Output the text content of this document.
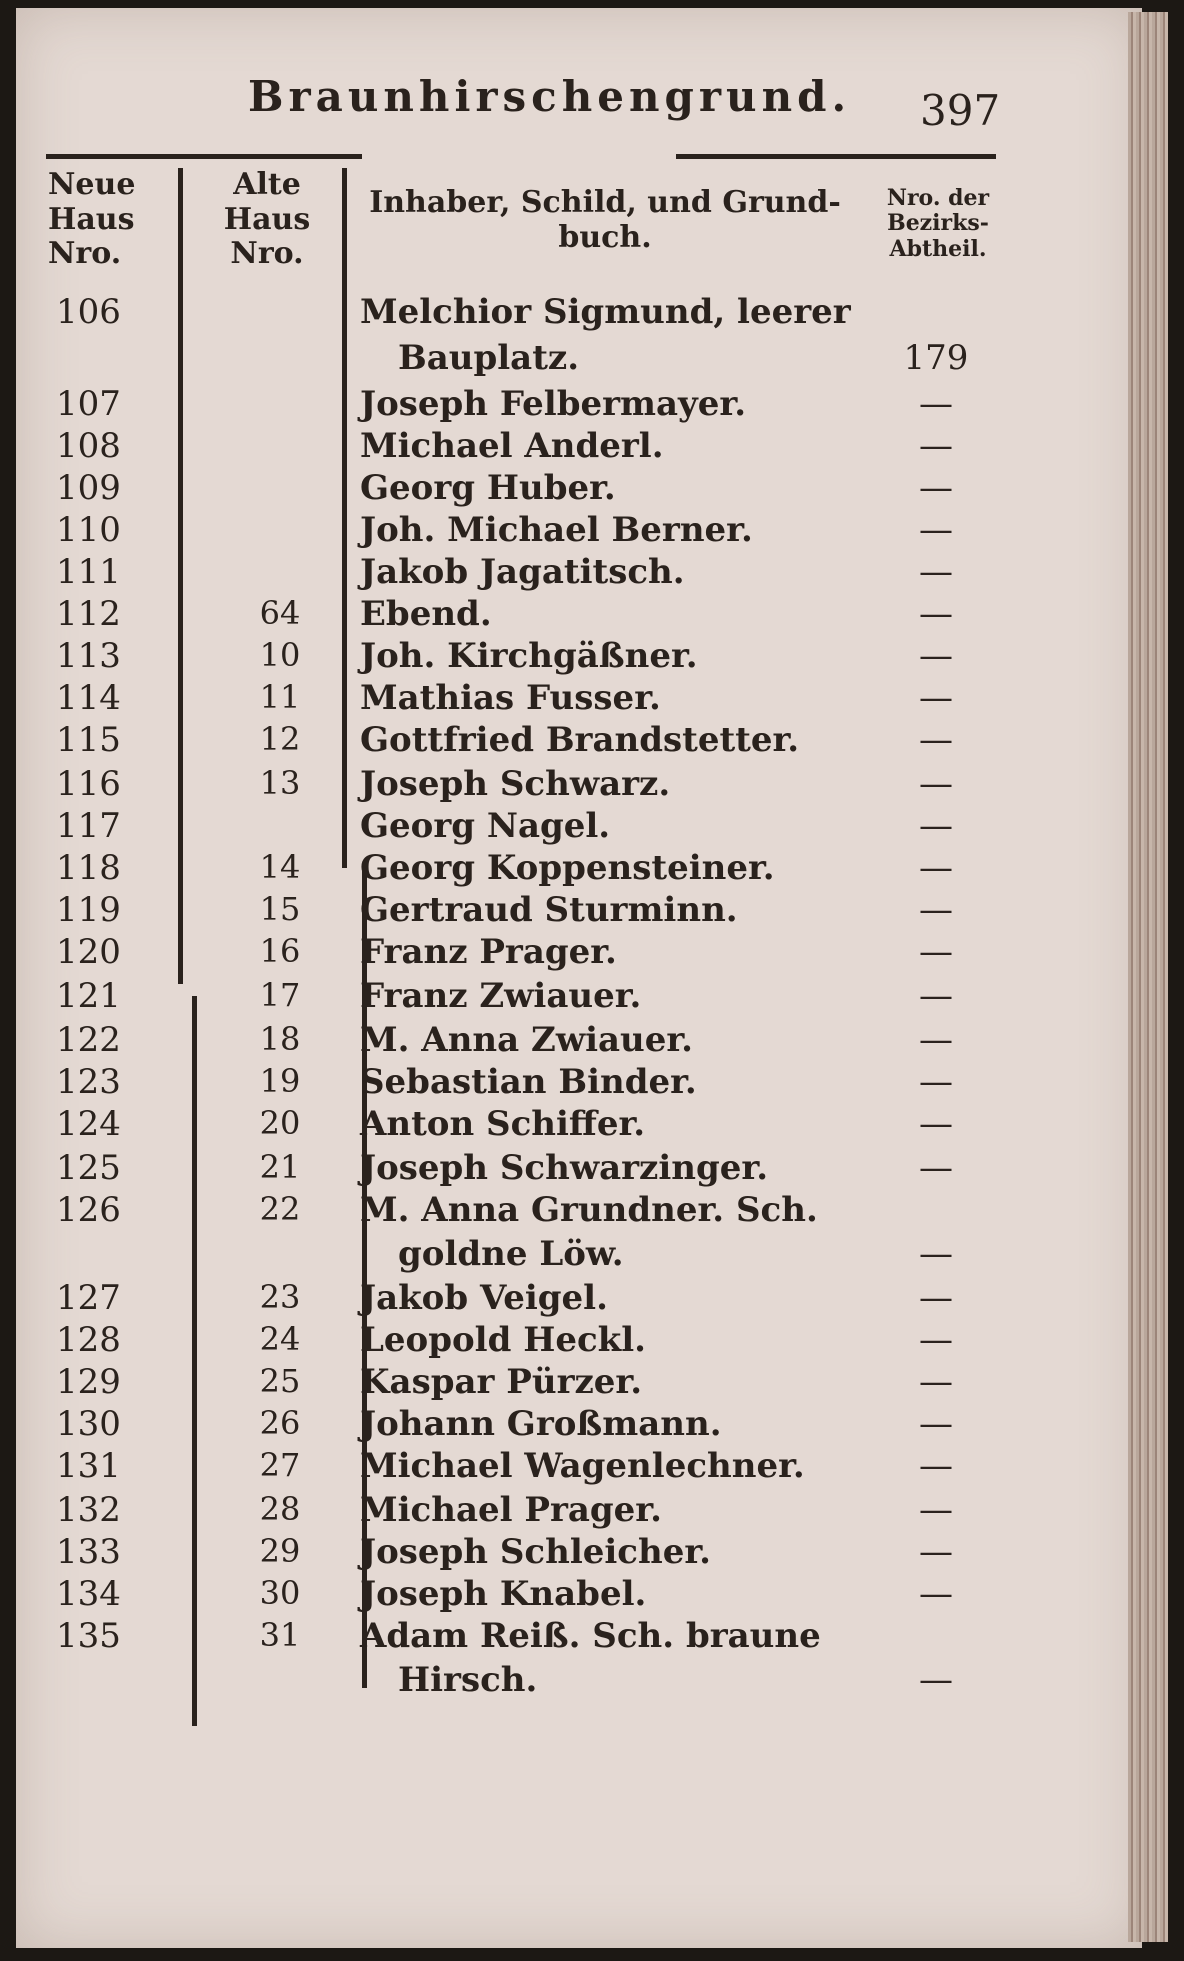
Braunhirschengrund. 397
Neue Haus Nro.
Alte Haus Nro.
Inhaber, Schild, und Grund-buch.
Nro. der Bezirks-Abtheil.
106	Melchior Sigmund, leerer
Bauplatz.	179
107	Joseph Felbermayer.	—
108	Michael Anderl.	—
109	Georg Huber.	—
110	Joh. Michael Berner.	—
111	Jakob Jagatitsch.	—
112	64 Ebend.	—
113	10 Joh. Kirchgäßner.	—
114	11 Mathias Fusser.	—
115	12 Gottfried Brandstetter.	—
116	13 Joseph Schwarz.	—
117	Georg Nagel.	—
118	14 Georg Koppensteiner.	—
119	15 Gertraud Sturminn.	—
120	16 Franz Prager.	—
121	17 Franz Zwiauer.	—
122	18 M. Anna Zwiauer.	—
123	19 Sebastian Binder.	—
124	20 Anton Schiffer.	—
125	21 Joseph Schwarzinger.	—
126	22 M. Anna Grundner. Sch.
goldne Löw.	—
127	23 Jakob Veigel.	—
128	24 Leopold Heckl.	—
129	25 Kaspar Pürzer.	—
130	26 Johann Großmann.	—
131	27 Michael Wagenlechner.	—
132	28 Michael Prager.	—
133	29 Joseph Schleicher.	—
134	30 Joseph Knabel.	—
135	31 Adam Reiß. Sch. braune
Hirsch.	—
